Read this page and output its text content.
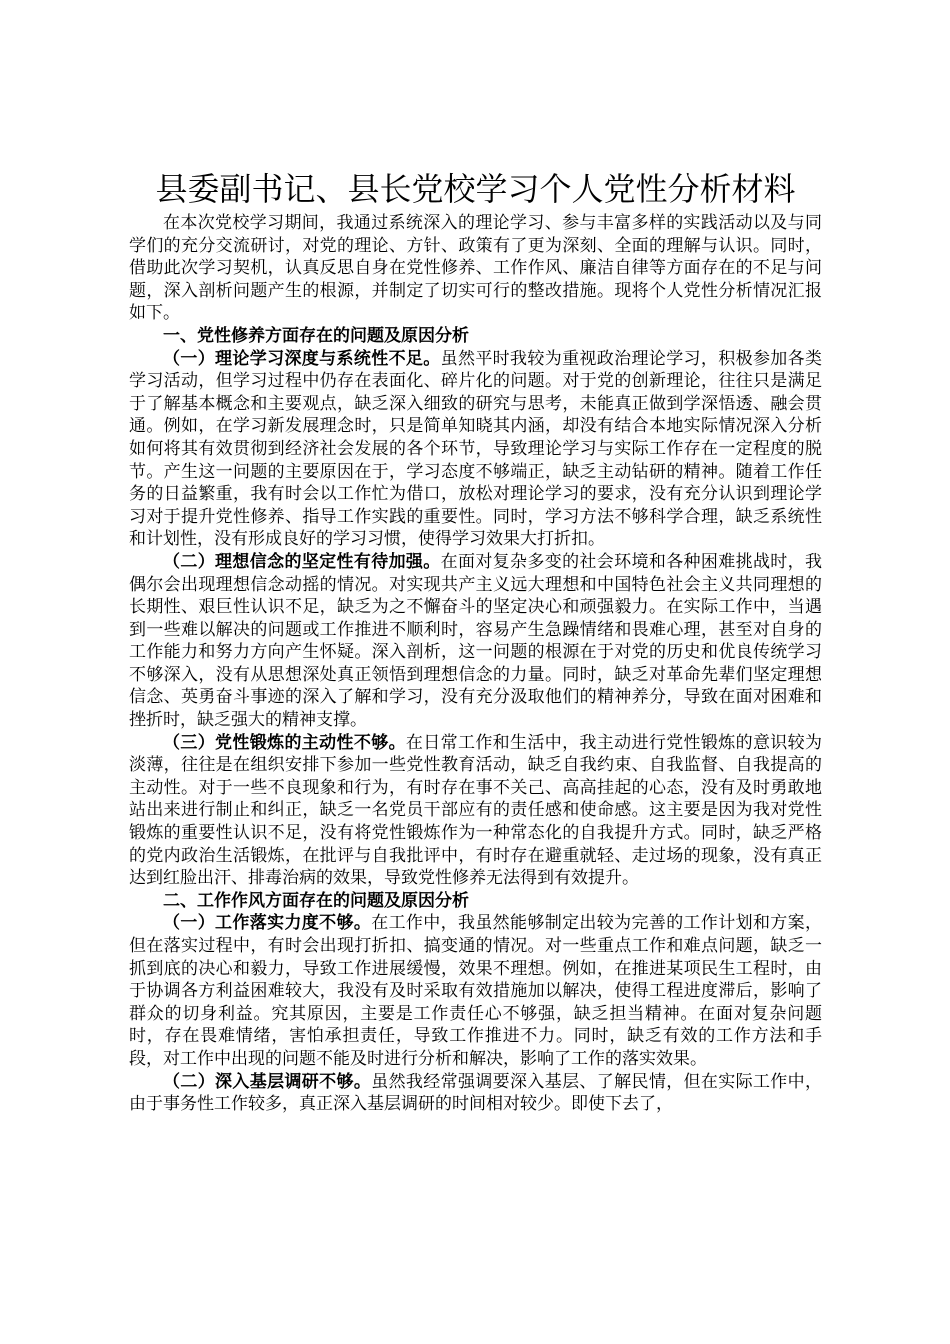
县委副书记、县长党校学习个人党性分析材料

在本次党校学习期间，我通过系统深入的理论学习、参与丰富多样的实践活动以及与同学们的充分交流研讨，对党的理论、方针、政策有了更为深刻、全面的理解与认识。同时，借助此次学习契机，认真反思自身在党性修养、工作作风、廉洁自律等方面存在的不足与问题，深入剖析问题产生的根源，并制定了切实可行的整改措施。现将个人党性分析情况汇报如下。

一、党性修养方面存在的问题及原因分析

（一）理论学习深度与系统性不足。虽然平时我较为重视政治理论学习，积极参加各类学习活动，但学习过程中仍存在表面化、碎片化的问题。对于党的创新理论，往往只是满足于了解基本概念和主要观点，缺乏深入细致的研究与思考，未能真正做到学深悟透、融会贯通。例如，在学习新发展理念时，只是简单知晓其内涵，却没有结合本地实际情况深入分析如何将其有效贯彻到经济社会发展的各个环节，导致理论学习与实际工作存在一定程度的脱节。产生这一问题的主要原因在于，学习态度不够端正，缺乏主动钻研的精神。随着工作任务的日益繁重，我有时会以工作忙为借口，放松对理论学习的要求，没有充分认识到理论学习对于提升党性修养、指导工作实践的重要性。同时，学习方法不够科学合理，缺乏系统性和计划性，没有形成良好的学习习惯，使得学习效果大打折扣。

（二）理想信念的坚定性有待加强。在面对复杂多变的社会环境和各种困难挑战时，我偶尔会出现理想信念动摇的情况。对实现共产主义远大理想和中国特色社会主义共同理想的长期性、艰巨性认识不足，缺乏为之不懈奋斗的坚定决心和顽强毅力。在实际工作中，当遇到一些难以解决的问题或工作推进不顺利时，容易产生急躁情绪和畏难心理，甚至对自身的工作能力和努力方向产生怀疑。深入剖析，这一问题的根源在于对党的历史和优良传统学习不够深入，没有从思想深处真正领悟到理想信念的力量。同时，缺乏对革命先辈们坚定理想信念、英勇奋斗事迹的深入了解和学习，没有充分汲取他们的精神养分，导致在面对困难和挫折时，缺乏强大的精神支撑。

（三）党性锻炼的主动性不够。在日常工作和生活中，我主动进行党性锻炼的意识较为淡薄，往往是在组织安排下参加一些党性教育活动，缺乏自我约束、自我监督、自我提高的主动性。对于一些不良现象和行为，有时存在事不关己、高高挂起的心态，没有及时勇敢地站出来进行制止和纠正，缺乏一名党员干部应有的责任感和使命感。这主要是因为我对党性锻炼的重要性认识不足，没有将党性锻炼作为一种常态化的自我提升方式。同时，缺乏严格的党内政治生活锻炼，在批评与自我批评中，有时存在避重就轻、走过场的现象，没有真正达到红脸出汗、排毒治病的效果，导致党性修养无法得到有效提升。

二、工作作风方面存在的问题及原因分析

（一）工作落实力度不够。在工作中，我虽然能够制定出较为完善的工作计划和方案，但在落实过程中，有时会出现打折扣、搞变通的情况。对一些重点工作和难点问题，缺乏一抓到底的决心和毅力，导致工作进展缓慢，效果不理想。例如，在推进某项民生工程时，由于协调各方利益困难较大，我没有及时采取有效措施加以解决，使得工程进度滞后，影响了群众的切身利益。究其原因，主要是工作责任心不够强，缺乏担当精神。在面对复杂问题时，存在畏难情绪，害怕承担责任，导致工作推进不力。同时，缺乏有效的工作方法和手段，对工作中出现的问题不能及时进行分析和解决，影响了工作的落实效果。

（二）深入基层调研不够。虽然我经常强调要深入基层、了解民情，但在实际工作中，由于事务性工作较多，真正深入基层调研的时间相对较少。即使下去了，
